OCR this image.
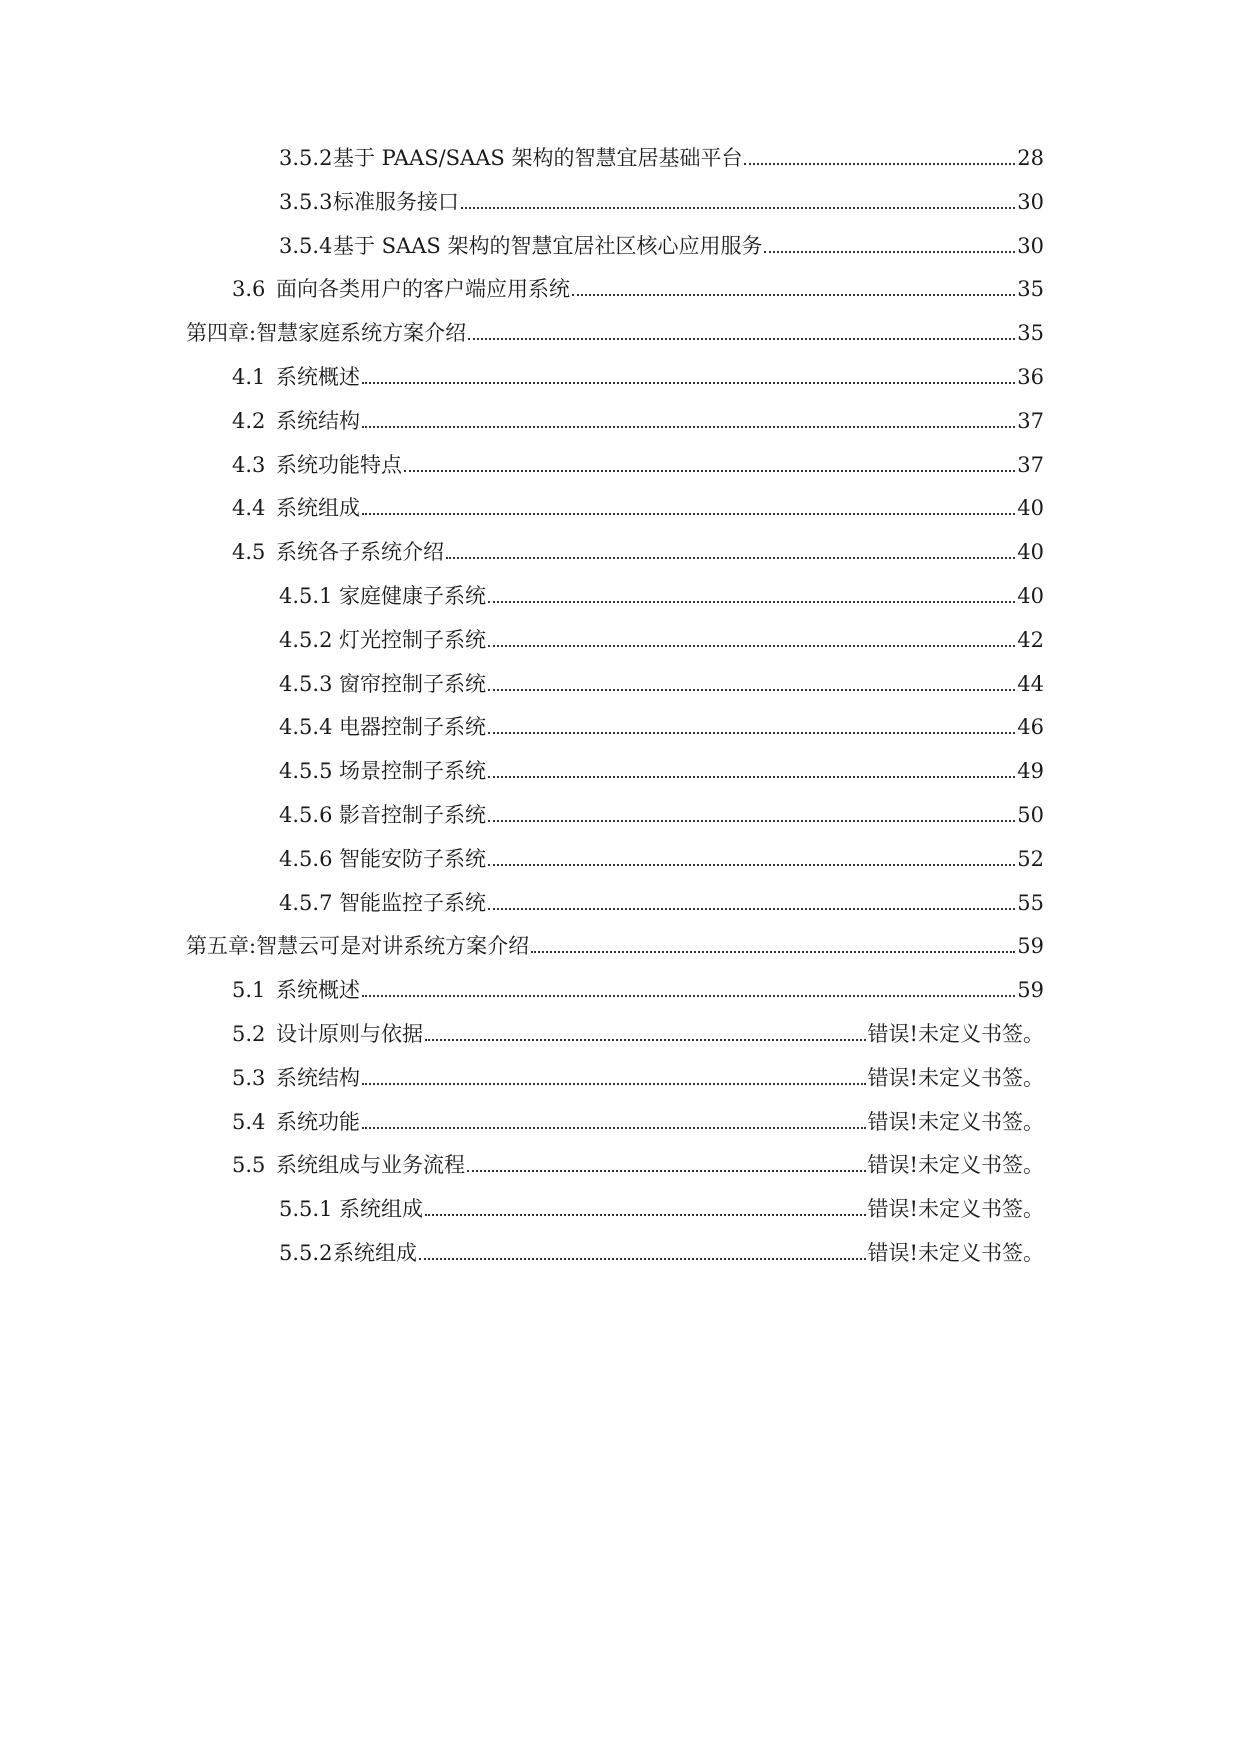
3.5.2 基于 PAAS/SAAS 架构的智慧宜居基础平台	28
3.5.3 标准服务接口	30
3.5.4 基于 SAAS 架构的智慧宜居社区核心应用服务	30
3.6 面向各类用户的客户端应用系统	35
第四章:智慧家庭系统方案介绍	35
4.1 系统概述	36
4.2 系统结构	37
4.3 系统功能特点	37
4.4 系统组成	40
4.5 系统各子系统介绍	40
4.5.1 家庭健康子系统	40
4.5.2 灯光控制子系统	42
4.5.3 窗帘控制子系统	44
4.5.4 电器控制子系统	46
4.5.5 场景控制子系统	49
4.5.6 影音控制子系统	50
4.5.6 智能安防子系统	52
4.5.7 智能监控子系统	55
第五章:智慧云可是对讲系统方案介绍	59
5.1 系统概述	59
5.2 设计原则与依据	错误!未定义书签。
5.3 系统结构	错误!未定义书签。
5.4 系统功能	错误!未定义书签。
5.5 系统组成与业务流程	错误!未定义书签。
5.5.1 系统组成	错误!未定义书签。
5.5.2 系统组成	错误!未定义书签。
